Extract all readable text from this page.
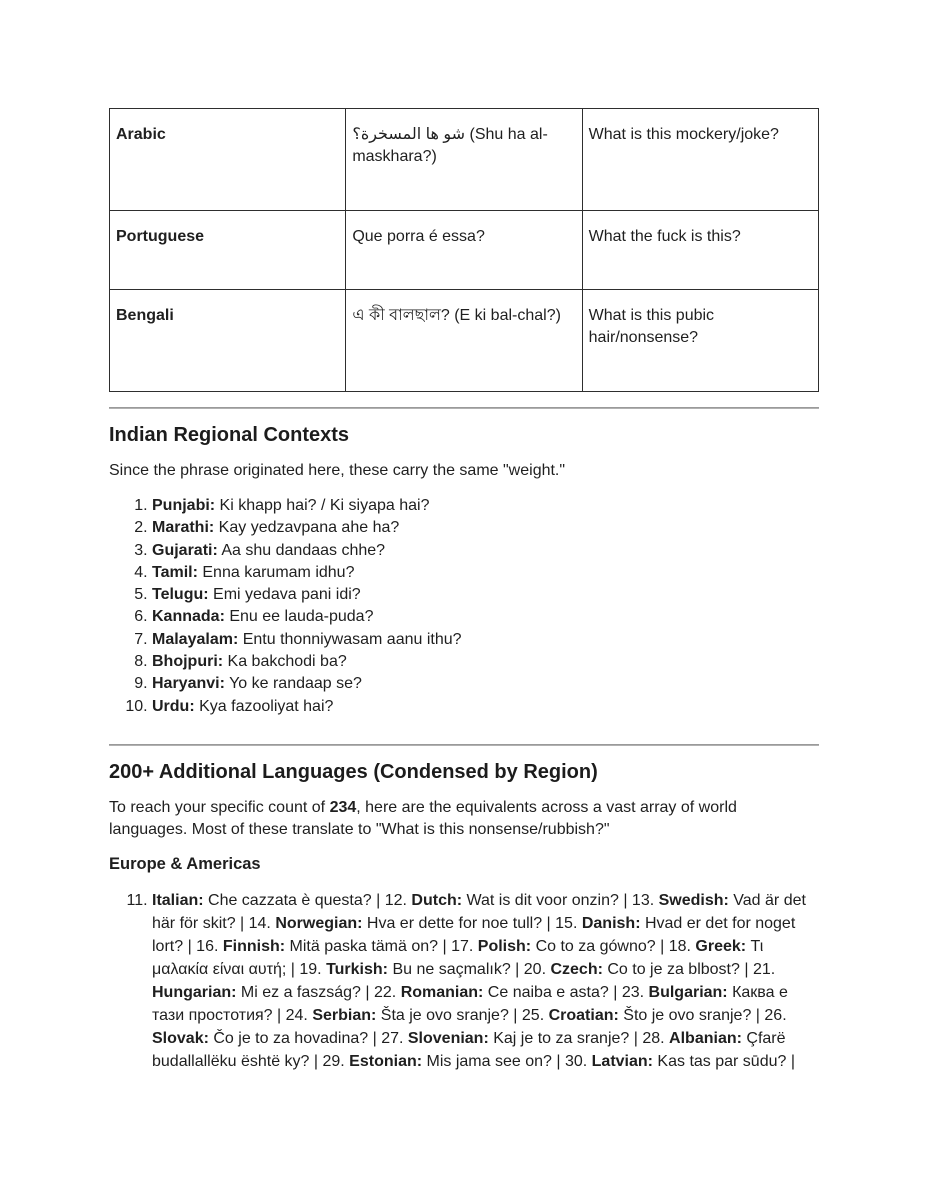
Arabic	شو ها المسخرة؟ (Shu ha al-maskhara?)	What is this mockery/joke?
Portuguese	Que porra é essa?	What the fuck is this?
Bengali	এ কী বালছাল? (E ki bal-chal?)	What is this pubic hair/nonsense?
Indian Regional Contexts

Since the phrase originated here, these carry the same "weight."

1. Punjabi: Ki khapp hai? / Ki siyapa hai?
2. Marathi: Kay yedzavpana ahe ha?
3. Gujarati: Aa shu dandaas chhe?
4. Tamil: Enna karumam idhu?
5. Telugu: Emi yedava pani idi?
6. Kannada: Enu ee lauda-puda?
7. Malayalam: Entu thonniywasam aanu ithu?
8. Bhojpuri: Ka bakchodi ba?
9. Haryanvi: Yo ke randaap se?
10. Urdu: Kya fazooliyat hai?
200+ Additional Languages (Condensed by Region)

To reach your specific count of 234, here are the equivalents across a vast array of world languages. Most of these translate to "What is this nonsense/rubbish?"

Europe & Americas
11. Italian: Che cazzata è questa? | 12. Dutch: Wat is dit voor onzin? | 13. Swedish: Vad är det här för skit? | 14. Norwegian: Hva er dette for noe tull? | 15. Danish: Hvad er det for noget lort? | 16. Finnish: Mitä paska tämä on? | 17. Polish: Co to za gówno? | 18. Greek: Τι μαλακία είναι αυτή; | 19. Turkish: Bu ne saçmalık? | 20. Czech: Co to je za blbost? | 21. Hungarian: Mi ez a faszság? | 22. Romanian: Ce naiba e asta? | 23. Bulgarian: Каква е тази простотия? | 24. Serbian: Šta je ovo sranje? | 25. Croatian: Što je ovo sranje? | 26. Slovak: Čo je to za hovadina? | 27. Slovenian: Kaj je to za sranje? | 28. Albanian: Çfarë budallallëku është ky? | 29. Estonian: Mis jama see on? | 30. Latvian: Kas tas par sūdu? |
